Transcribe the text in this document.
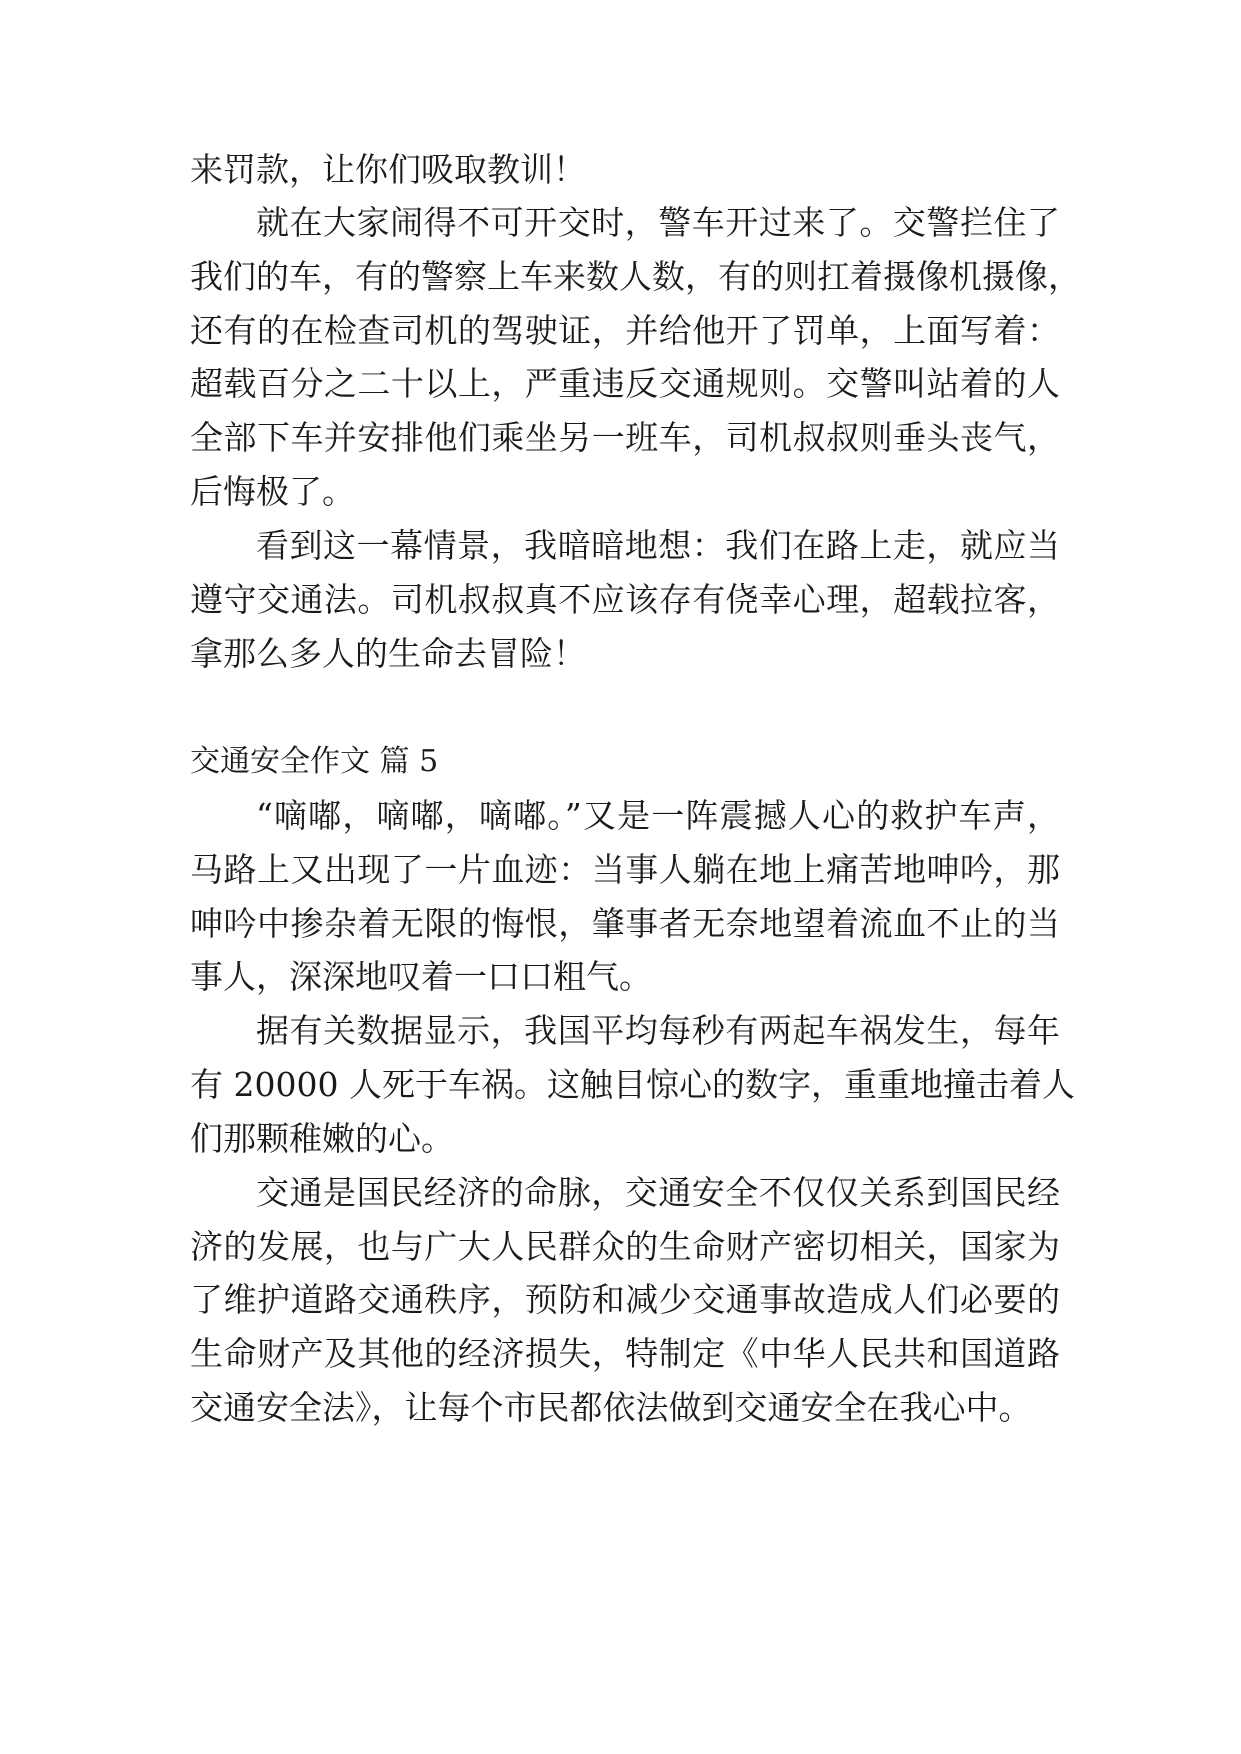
来罚款，让你们吸取教训！
就在大家闹得不可开交时，警车开过来了。交警拦住了
我们的车，有的警察上车来数人数，有的则扛着摄像机摄像，
还有的在检查司机的驾驶证，并给他开了罚单，上面写着：
超载百分之二十以上，严重违反交通规则。交警叫站着的人
全部下车并安排他们乘坐另一班车，司机叔叔则垂头丧气，
后悔极了。
看到这一幕情景，我暗暗地想：我们在路上走，就应当
遵守交通法。司机叔叔真不应该存有侥幸心理，超载拉客，
拿那么多人的生命去冒险！
交通安全作文 篇 5
“嘀嘟，嘀嘟，嘀嘟。”又是一阵震撼人心的救护车声，
马路上又出现了一片血迹：当事人躺在地上痛苦地呻吟，那
呻吟中掺杂着无限的悔恨，肇事者无奈地望着流血不止的当
事人，深深地叹着一口口粗气。
据有关数据显示，我国平均每秒有两起车祸发生，每年
有 20000 人死于车祸。这触目惊心的数字，重重地撞击着人
们那颗稚嫩的心。
交通是国民经济的命脉，交通安全不仅仅关系到国民经
济的发展，也与广大人民群众的生命财产密切相关，国家为
了维护道路交通秩序，预防和减少交通事故造成人们必要的
生命财产及其他的经济损失，特制定《中华人民共和国道路
交通安全法》，让每个市民都依法做到交通安全在我心中。
